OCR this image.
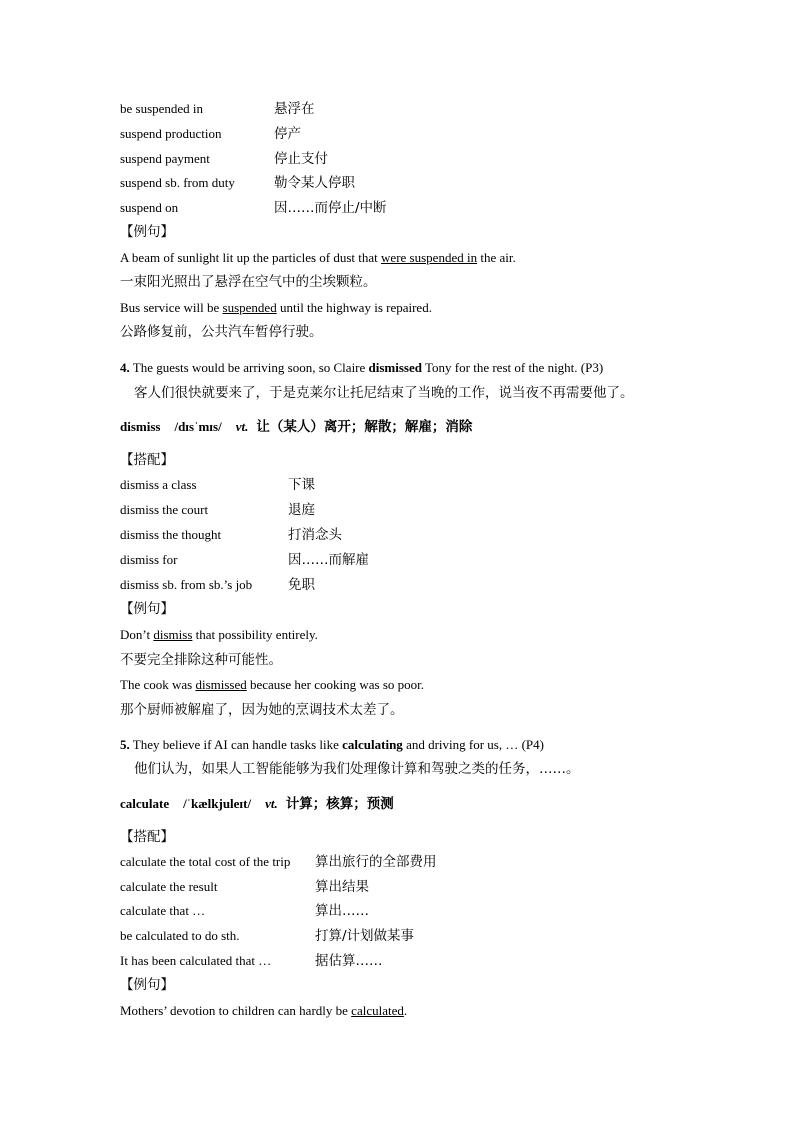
be suspended in	悬浮在
suspend production	停产
suspend payment	停止支付
suspend sb. from duty	勒令某人停职
suspend on	因……而停止/中断
【例句】
A beam of sunlight lit up the particles of dust that were suspended in the air.
一束阳光照出了悬浮在空气中的尘埃颗粒。
Bus service will be suspended until the highway is repaired.
公路修复前，公共汽车暂停行驶。
4. The guests would be arriving soon, so Claire dismissed Tony for the rest of the night. (P3)
客人们很快就要来了，于是克莱尔让托尼结束了当晚的工作，说当夜不再需要他了。
dismiss /dɪsˈmɪs/ vt. 让（某人）离开；解散；解雇；消除
【搭配】
dismiss a class	下课
dismiss the court	退庭
dismiss the thought	打消念头
dismiss for	因……而解雇
dismiss sb. from sb.’s job	免职
【例句】
Don’t dismiss that possibility entirely.
不要完全排除这种可能性。
The cook was dismissed because her cooking was so poor.
那个厨师被解雇了，因为她的烹调技术太差了。
5. They believe if AI can handle tasks like calculating and driving for us, … (P4)
他们认为，如果人工智能能够为我们处理像计算和驾驶之类的任务，……。
calculate /ˈkælkjuleɪt/ vt. 计算；核算；预测
【搭配】
calculate the total cost of the trip 算出旅行的全部费用
calculate the result	算出结果
calculate that …	算出……
be calculated to do sth.	打算/计划做某事
It has been calculated that …	据估算……
【例句】
Mothers’ devotion to children can hardly be calculated.
